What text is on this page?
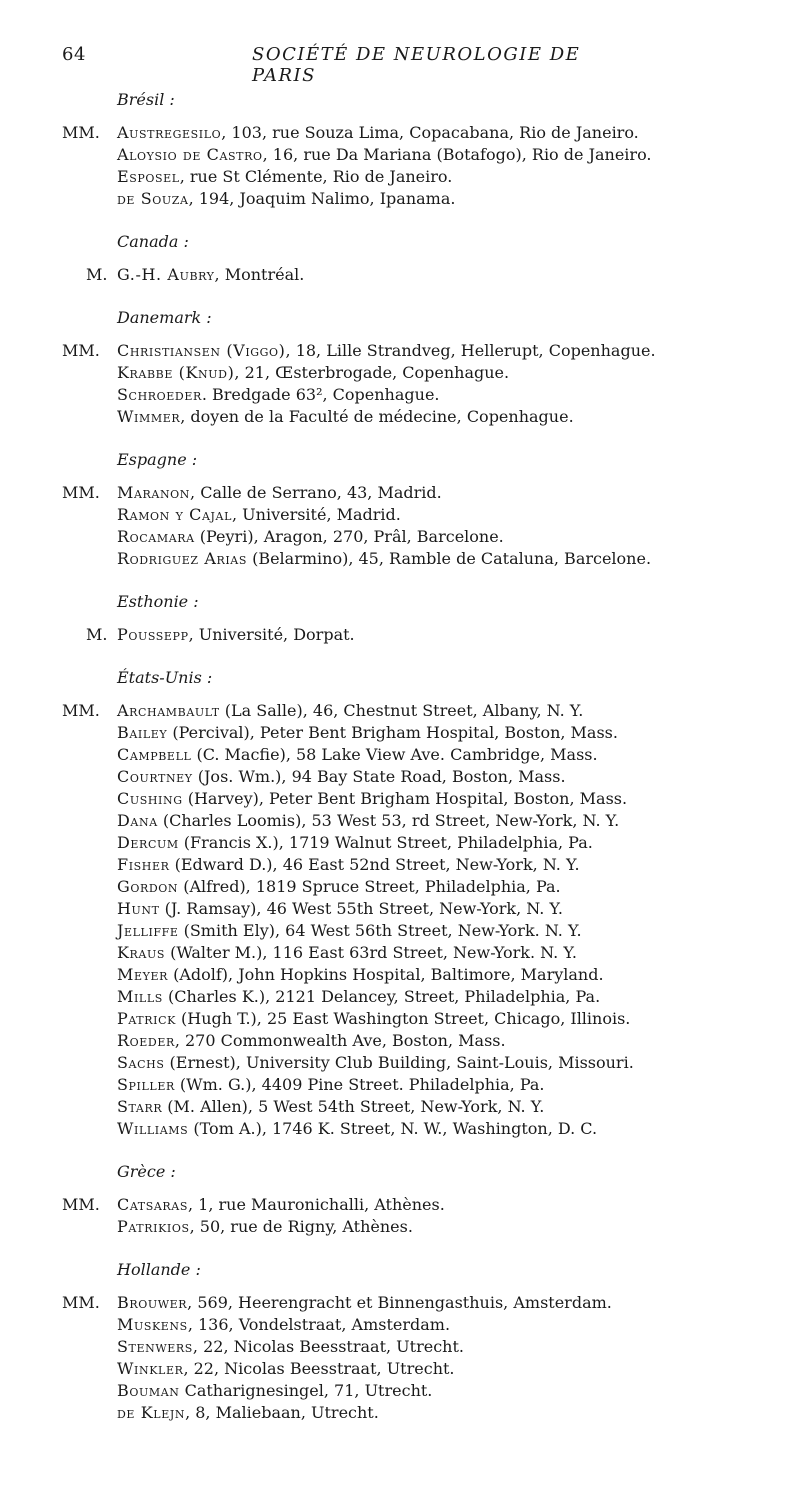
64	SOCIÉTÉ DE NEUROLOGIE DE PARIS
Brésil :
MM. Austregesilo, 103, rue Souza Lima, Copacabana, Rio de Janeiro.
Aloysio de Castro, 16, rue Da Mariana (Botafogo), Rio de Janeiro.
Esposel, rue St Clémente, Rio de Janeiro.
de Souza, 194, Joaquim Nalimo, Ipanama.
Canada :
M. G.-H. Aubry, Montréal.
Danemark :
MM. Christiansen (Viggo), 18, Lille Strandveg, Hellerupt, Copenhague.
Krabbe (Knud), 21, Œsterbrogade, Copenhague.
Schroeder. Bredgade 63², Copenhague.
Wimmer, doyen de la Faculté de médecine, Copenhague.
Espagne :
MM. Maranon, Calle de Serrano, 43, Madrid.
Ramon y Cajal, Université, Madrid.
Rocamara (Peyri), Aragon, 270, Prâl, Barcelone.
Rodriguez Arias (Belarmino), 45, Ramble de Cataluna, Barcelone.
Esthonie :
M. Poussepp, Université, Dorpat.
États-Unis :
MM. Archambault (La Salle), 46, Chestnut Street, Albany, N. Y.
Bailey (Percival), Peter Bent Brigham Hospital, Boston, Mass.
Campbell (C. Macfie), 58 Lake View Ave. Cambridge, Mass.
Courtney (Jos. Wm.), 94 Bay State Road, Boston, Mass.
Cushing (Harvey), Peter Bent Brigham Hospital, Boston, Mass.
Dana (Charles Loomis), 53 West 53, rd Street, New-York, N. Y.
Dercum (Francis X.), 1719 Walnut Street, Philadelphia, Pa.
Fisher (Edward D.), 46 East 52nd Street, New-York, N. Y.
Gordon (Alfred), 1819 Spruce Street, Philadelphia, Pa.
Hunt (J. Ramsay), 46 West 55th Street, New-York, N. Y.
Jelliffe (Smith Ely), 64 West 56th Street, New-York. N. Y.
Kraus (Walter M.), 116 East 63rd Street, New-York. N. Y.
Meyer (Adolf), John Hopkins Hospital, Baltimore, Maryland.
Mills (Charles K.), 2121 Delancey, Street, Philadelphia, Pa.
Patrick (Hugh T.), 25 East Washington Street, Chicago, Illinois.
Roeder, 270 Commonwealth Ave, Boston, Mass.
Sachs (Ernest), University Club Building, Saint-Louis, Missouri.
Spiller (Wm. G.), 4409 Pine Street. Philadelphia, Pa.
Starr (M. Allen), 5 West 54th Street, New-York, N. Y.
Williams (Tom A.), 1746 K. Street, N. W., Washington, D. C.
Grèce :
MM. Catsaras, 1, rue Mauronichalli, Athènes.
Patrikios, 50, rue de Rigny, Athènes.
Hollande :
MM. Brouwer, 569, Heerengracht et Binnengasthuis, Amsterdam.
Muskens, 136, Vondelstraat, Amsterdam.
Stenwers, 22, Nicolas Beesstraat, Utrecht.
Winkler, 22, Nicolas Beesstraat, Utrecht.
Bouman Catharignesingel, 71, Utrecht.
de Klejn, 8, Maliebaan, Utrecht.
